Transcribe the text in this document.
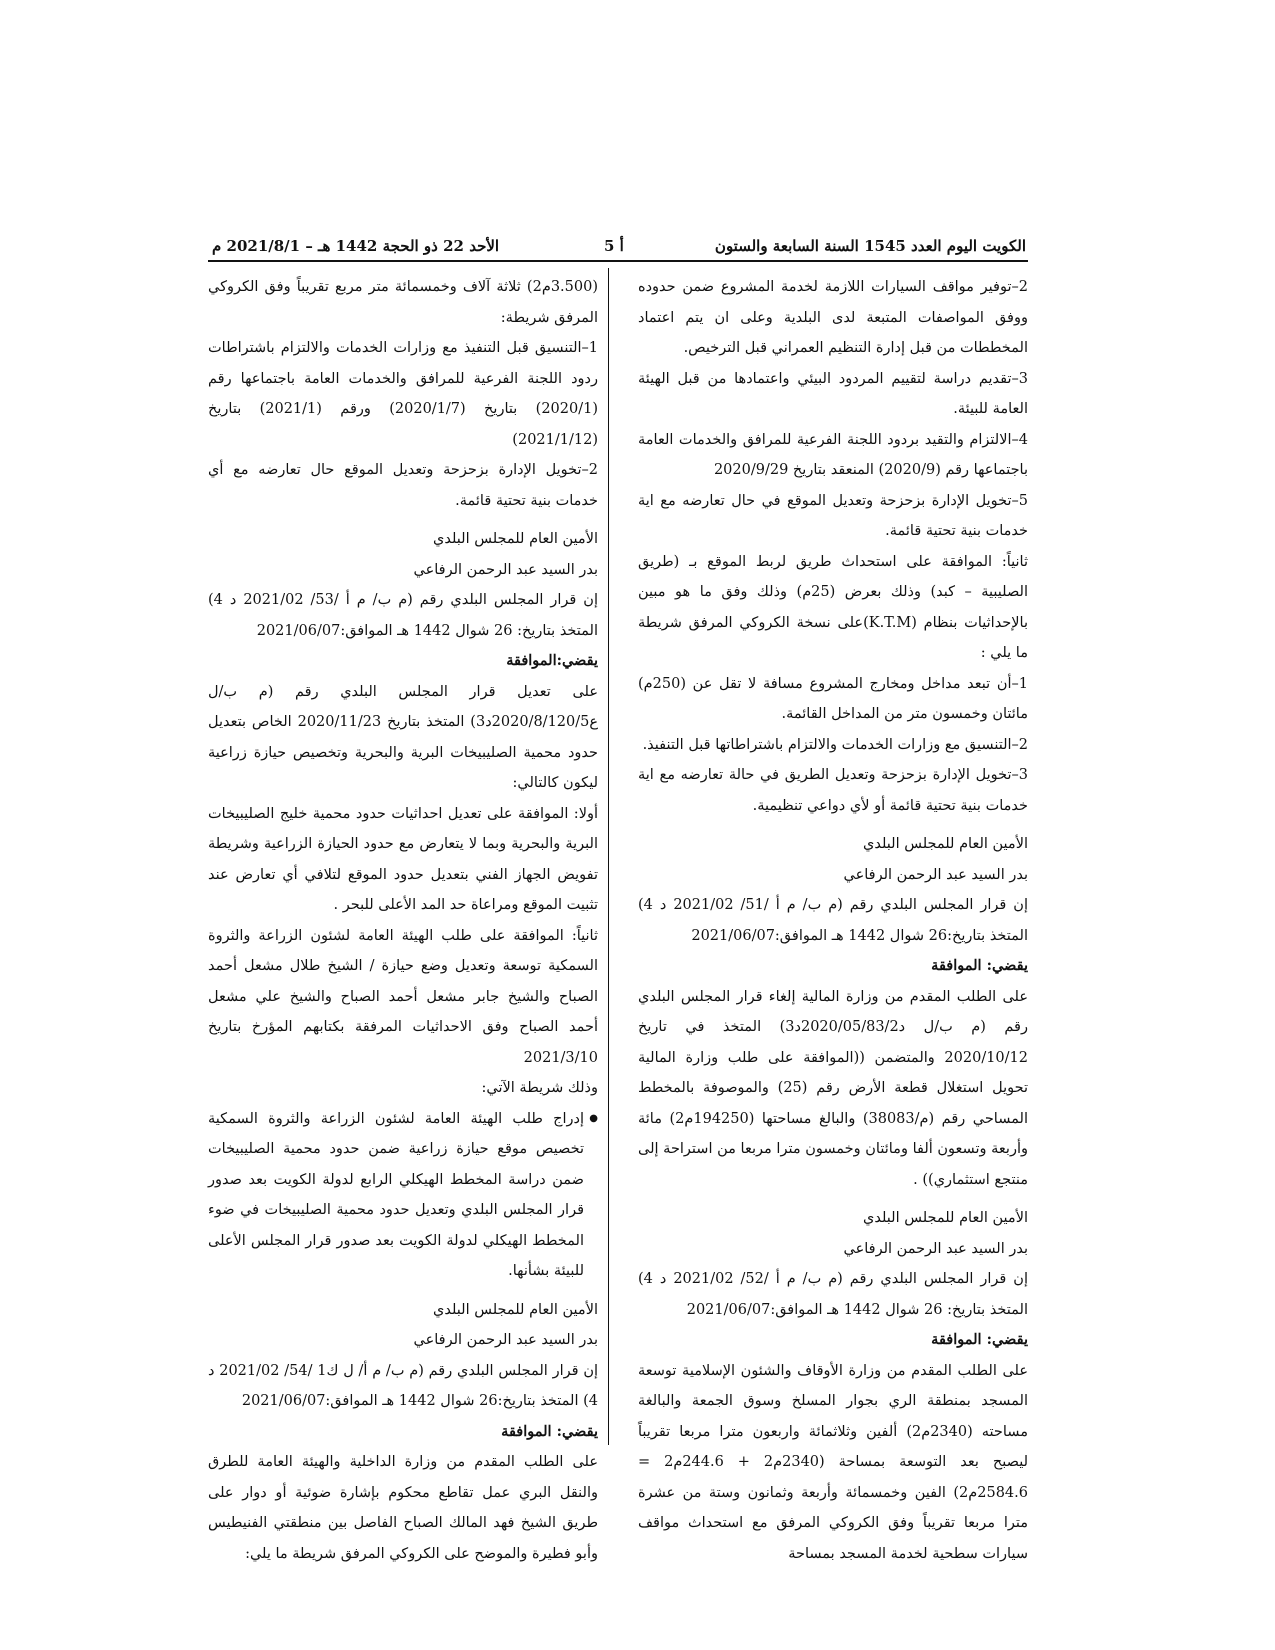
الكويت اليوم العدد 1545 السنة السابعة والستون
أ 5
الأحد 22 ذو الحجة 1442 هـ – 2021/8/1 م

2–توفير مواقف السيارات اللازمة لخدمة المشروع ضمن حدوده ووفق المواصفات المتبعة لدى البلدية وعلى ان يتم اعتماد المخططات من قبل إدارة التنظيم العمراني قبل الترخيص.

3–تقديم دراسة لتقييم المردود البيئي واعتمادها من قبل الهيئة العامة للبيئة.

4–الالتزام والتقيد بردود اللجنة الفرعية للمرافق والخدمات العامة باجتماعها رقم (2020/9) المنعقد بتاريخ 2020/9/29

5–تخويل الإدارة بزحزحة وتعديل الموقع في حال تعارضه مع اية خدمات بنية تحتية قائمة.

ثانياً: الموافقة على استحداث طريق لربط الموقع بـ (طريق الصليبية – كبد) وذلك بعرض (25م) وذلك وفق ما هو مبين بالإحداثيات بنظام (K.T.M)على نسخة الكروكي المرفق شريطة ما يلي :

1–أن تبعد مداخل ومخارج المشروع مسافة لا تقل عن (250م) مائتان وخمسون متر من المداخل القائمة.

2–التنسيق مع وزارات الخدمات والالتزام باشتراطاتها قبل التنفيذ.

3–تخويل الإدارة بزحزحة وتعديل الطريق في حالة تعارضه مع اية خدمات بنية تحتية قائمة أو لأي دواعي تنظيمية.

الأمين العام للمجلس البلدي

بدر السيد عبد الرحمن الرفاعي

إن قرار المجلس البلدي رقم (م ب/ م أ /51/ 2021/02 د 4) المتخذ بتاريخ:26 شوال 1442 هـ الموافق:2021/06/07

يقضي: الموافقة

على الطلب المقدم من وزارة المالية إلغاء قرار المجلس البلدي رقم (م ب/ل د2020/05/83/2د3) المتخذ في تاريخ 2020/10/12 والمتضمن ((الموافقة على طلب وزارة المالية تحويل استغلال قطعة الأرض رقم (25) والموصوفة بالمخطط المساحي رقم (م/38083) والبالغ مساحتها (194250م2) مائة وأربعة وتسعون ألفا ومائتان وخمسون مترا مربعا من استراحة إلى منتجع استثماري)) .

الأمين العام للمجلس البلدي

بدر السيد عبد الرحمن الرفاعي

إن قرار المجلس البلدي رقم (م ب/ م أ /52/ 2021/02 د 4) المتخذ بتاريخ: 26 شوال 1442 هـ الموافق:2021/06/07

يقضي: الموافقة

على الطلب المقدم من وزارة الأوقاف والشئون الإسلامية توسعة المسجد بمنطقة الري بجوار المسلخ وسوق الجمعة والبالغة مساحته (2340م2) ألفين وثلاثمائة واربعون مترا مربعا تقريباً ليصبح بعد التوسعة بمساحة (2340م2 + 244.6م2 = 2584.6م2) الفين وخمسمائة وأربعة وثمانون وستة من عشرة مترا مربعا تقريباً وفق الكروكي المرفق مع استحداث مواقف سيارات سطحية لخدمة المسجد بمساحة

(3.500م2) ثلاثة آلاف وخمسمائة متر مربع تقريباً وفق الكروكي المرفق شريطة:

1–التنسيق قبل التنفيذ مع وزارات الخدمات والالتزام باشتراطات ردود اللجنة الفرعية للمرافق والخدمات العامة باجتماعها رقم (2020/1) بتاريخ (2020/1/7) ورقم (2021/1) بتاريخ (2021/1/12)

2–تخويل الإدارة بزحزحة وتعديل الموقع حال تعارضه مع أي خدمات بنية تحتية قائمة.

الأمين العام للمجلس البلدي

بدر السيد عبد الرحمن الرفاعي

إن قرار المجلس البلدي رقم (م ب/ م أ /53/ 2021/02 د 4) المتخذ بتاريخ: 26 شوال 1442 هـ الموافق:2021/06/07

يقضي:الموافقة

على تعديل قرار المجلس البلدي رقم (م ب/ل ع2020/8/120/5د3) المتخذ بتاريخ 2020/11/23 الخاص بتعديل حدود محمية الصليبيخات البرية والبحرية وتخصيص حيازة زراعية ليكون كالتالي:

أولا: الموافقة على تعديل احداثيات حدود محمية خليج الصليبيخات البرية والبحرية وبما لا يتعارض مع حدود الحيازة الزراعية وشريطة تفويض الجهاز الفني بتعديل حدود الموقع لتلافي أي تعارض عند تثبيت الموقع ومراعاة حد المد الأعلى للبحر .

ثانياً: الموافقة على طلب الهيئة العامة لشئون الزراعة والثروة السمكية توسعة وتعديل وضع حيازة / الشيخ طلال مشعل أحمد الصباح والشيخ جابر مشعل أحمد الصباح والشيخ علي مشعل أحمد الصباح وفق الاحداثيات المرفقة بكتابهم المؤرخ بتاريخ 2021/3/10

وذلك شريطة الآتي:

● إدراج طلب الهيئة العامة لشئون الزراعة والثروة السمكية تخصيص موقع حيازة زراعية ضمن حدود محمية الصليبيخات ضمن دراسة المخطط الهيكلي الرابع لدولة الكويت بعد صدور قرار المجلس البلدي وتعديل حدود محمية الصليبيخات في ضوء المخطط الهيكلي لدولة الكويت بعد صدور قرار المجلس الأعلى للبيئة بشأنها.

الأمين العام للمجلس البلدي

بدر السيد عبد الرحمن الرفاعي

إن قرار المجلس البلدي رقم (م ب/ م أ/ ل ك1 /54/ 2021/02 د 4) المتخذ بتاريخ:26 شوال 1442 هـ الموافق:2021/06/07

يقضي: الموافقة

على الطلب المقدم من وزارة الداخلية والهيئة العامة للطرق والنقل البري عمل تقاطع محكوم بإشارة ضوئية أو دوار على طريق الشيخ فهد المالك الصباح الفاصل بين منطقتي الفنيطيس وأبو فطيرة والموضح على الكروكي المرفق شريطة ما يلي:
